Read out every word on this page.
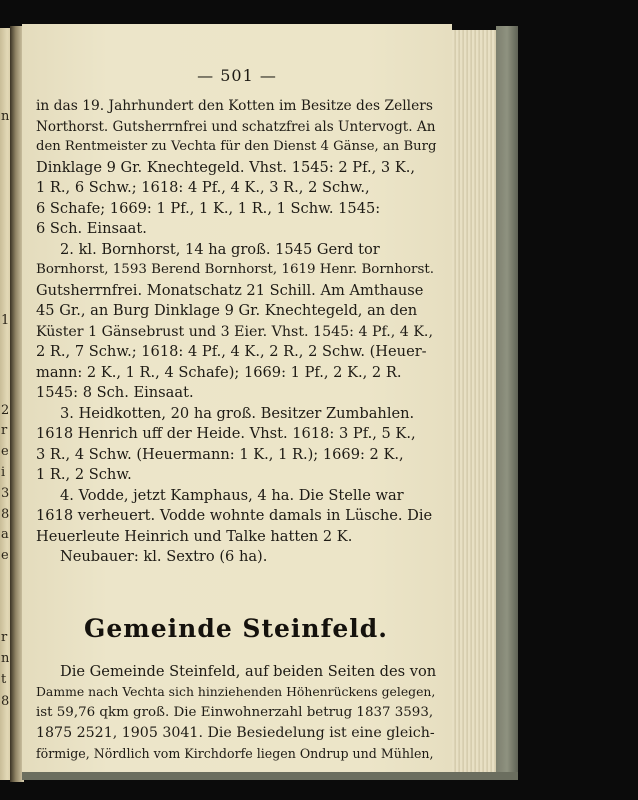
n
1
2
r
e
i
3
8
a
e
r
n
t
8
— 501 —

in das 19. Jahrhundert den Kotten im Besitze des Zellers
Northorst. Gutsherrnfrei und schatzfrei als Untervogt. An
den Rentmeister zu Vechta für den Dienst 4 Gänse, an Burg
Dinklage 9 Gr. Knechtegeld. Vhst. 1545: 2 Pf., 3 K.,
1 R., 6 Schw.; 1618: 4 Pf., 4 K., 3 R., 2 Schw.,
6 Schafe; 1669: 1 Pf., 1 K., 1 R., 1 Schw. 1545:
6 Sch. Einsaat.

2. kl. Bornhorst, 14 ha groß. 1545 Gerd tor
Bornhorst, 1593 Berend Bornhorst, 1619 Henr. Bornhorst.
Gutsherrnfrei. Monatschatz 21 Schill. Am Amthause
45 Gr., an Burg Dinklage 9 Gr. Knechtegeld, an den
Küster 1 Gänsebrust und 3 Eier. Vhst. 1545: 4 Pf., 4 K.,
2 R., 7 Schw.; 1618: 4 Pf., 4 K., 2 R., 2 Schw. (Heuer-
mann: 2 K., 1 R., 4 Schafe); 1669: 1 Pf., 2 K., 2 R.
1545: 8 Sch. Einsaat.

3. Heidkotten, 20 ha groß. Besitzer Zumbahlen.
1618 Henrich uff der Heide. Vhst. 1618: 3 Pf., 5 K.,
3 R., 4 Schw. (Heuermann: 1 K., 1 R.); 1669: 2 K.,
1 R., 2 Schw.

4. Vodde, jetzt Kamphaus, 4 ha. Die Stelle war
1618 verheuert. Vodde wohnte damals in Lüsche. Die
Heuerleute Heinrich und Talke hatten 2 K.

Neubauer: kl. Sextro (6 ha).

Gemeinde Steinfeld.

Die Gemeinde Steinfeld, auf beiden Seiten des von
Damme nach Vechta sich hinziehenden Höhenrückens gelegen,
ist 59,76 qkm groß. Die Einwohnerzahl betrug 1837 3593,
1875 2521, 1905 3041. Die Besiedelung ist eine gleich-
förmige, Nördlich vom Kirchdorfe liegen Ondrup und Mühlen,
